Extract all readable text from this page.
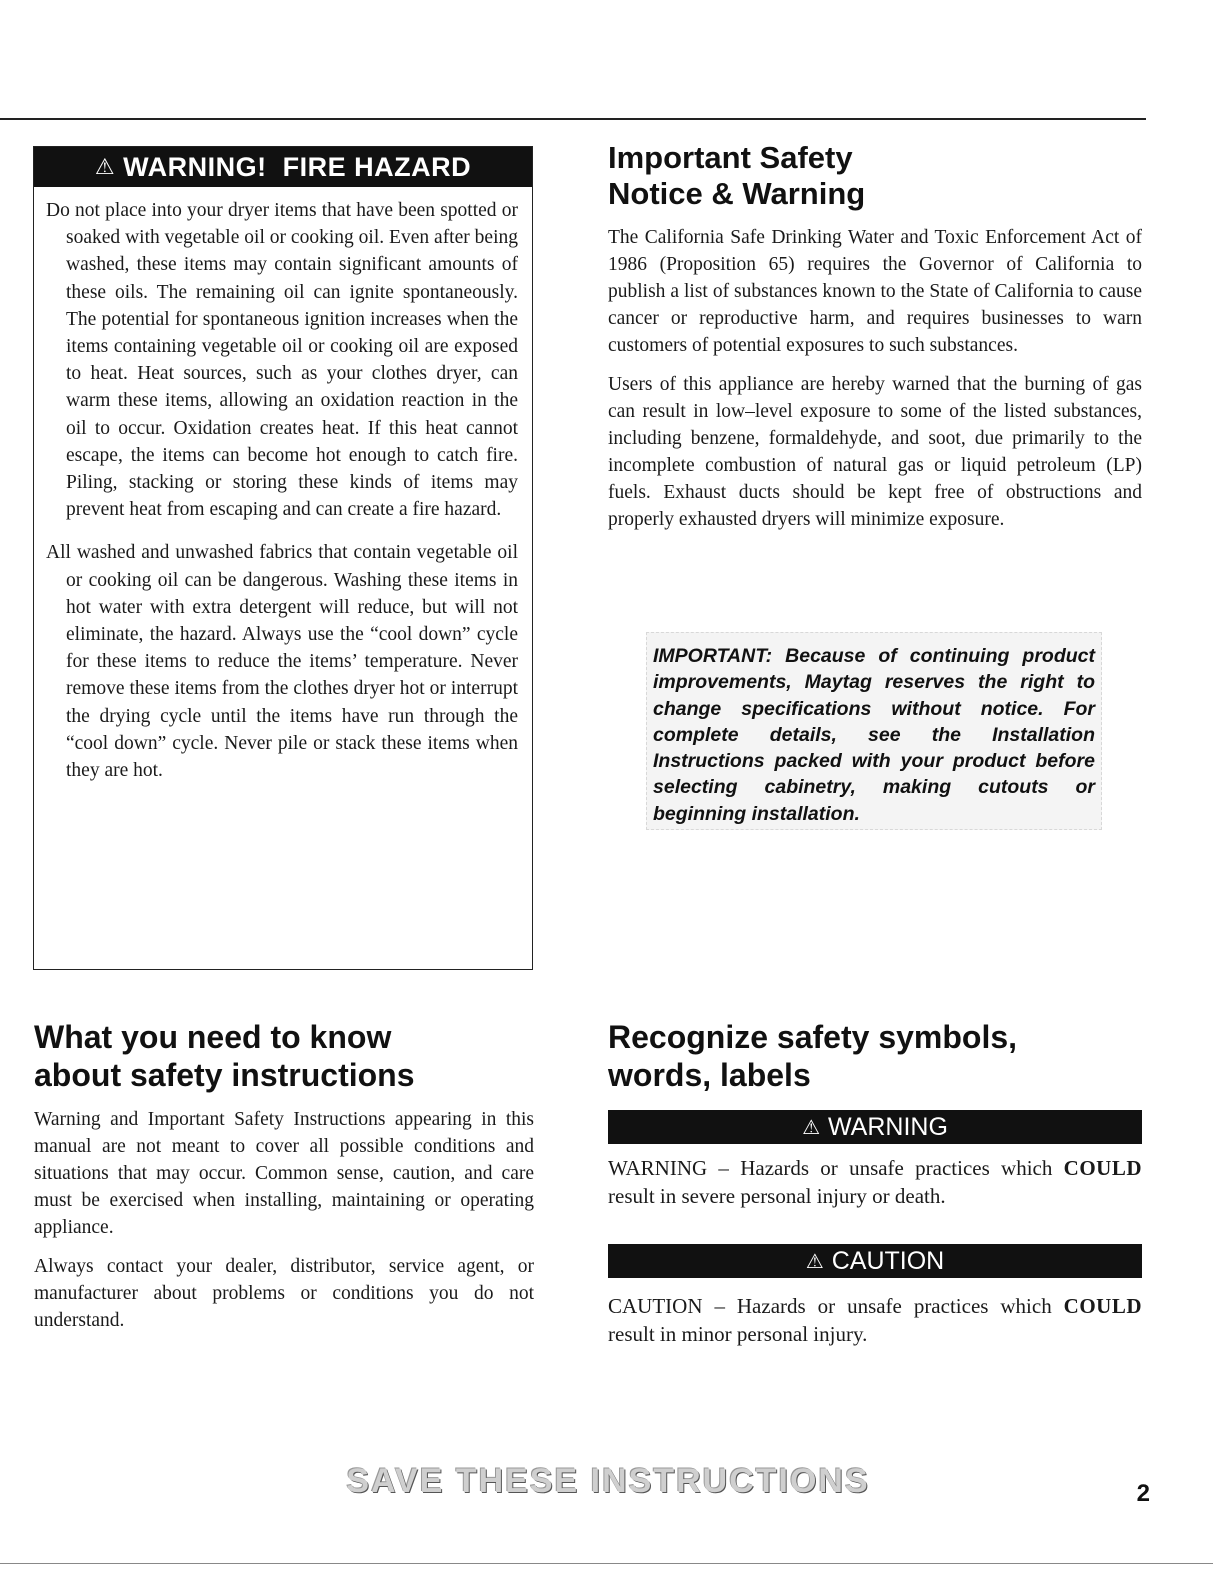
⚠ WARNING!  FIRE HAZARD

Do not place into your dryer items that have been spotted or soaked with vegetable oil or cooking oil. Even after being washed, these items may contain significant amounts of these oils. The remaining oil can ignite spontaneously. The potential for spontaneous ignition increases when the items containing vegetable oil or cooking oil are exposed to heat. Heat sources, such as your clothes dryer, can warm these items, allowing an oxidation reaction in the oil to occur. Oxidation creates heat. If this heat cannot escape, the items can become hot enough to catch fire. Piling, stacking or storing these kinds of items may prevent heat from escaping and can create a fire hazard.

All washed and unwashed fabrics that contain vegetable oil or cooking oil can be dangerous. Washing these items in hot water with extra detergent will reduce, but will not eliminate, the hazard. Always use the “cool down” cycle for these items to reduce the items’ temperature. Never remove these items from the clothes dryer hot or interrupt the drying cycle until the items have run through the “cool down” cycle. Never pile or stack these items when they are hot.

Important Safety
Notice & Warning

The California Safe Drinking Water and Toxic Enforcement Act of 1986 (Proposition 65) requires the Governor of California to publish a list of substances known to the State of California to cause cancer or reproductive harm, and requires businesses to warn customers of potential exposures to such substances.

Users of this appliance are hereby warned that the burning of gas can result in low–level exposure to some of the listed substances, including benzene, formaldehyde, and soot, due primarily to the incomplete combustion of natural gas or liquid petroleum (LP) fuels. Exhaust ducts should be kept free of obstructions and properly exhausted dryers will minimize exposure.

IMPORTANT: Because of continuing product improvements, Maytag reserves the right to change specifications without notice. For complete details, see the Installation Instructions packed with your product before selecting cabinetry, making cutouts or beginning installation.
What you need to know
about safety instructions

Warning and Important Safety Instructions appearing in this manual are not meant to cover all possible conditions and situations that may occur. Common sense, caution, and care must be exercised when installing, maintaining or operating appliance.

Always contact your dealer, distributor, service agent, or manufacturer about problems or conditions you do not understand.

Recognize safety symbols,
words, labels
⚠ WARNING

WARNING – Hazards or unsafe practices which COULD result in severe personal injury or death.

⚠ CAUTION

CAUTION – Hazards or unsafe practices which COULD result in minor personal injury.

SAVE THESE INSTRUCTIONS	2
